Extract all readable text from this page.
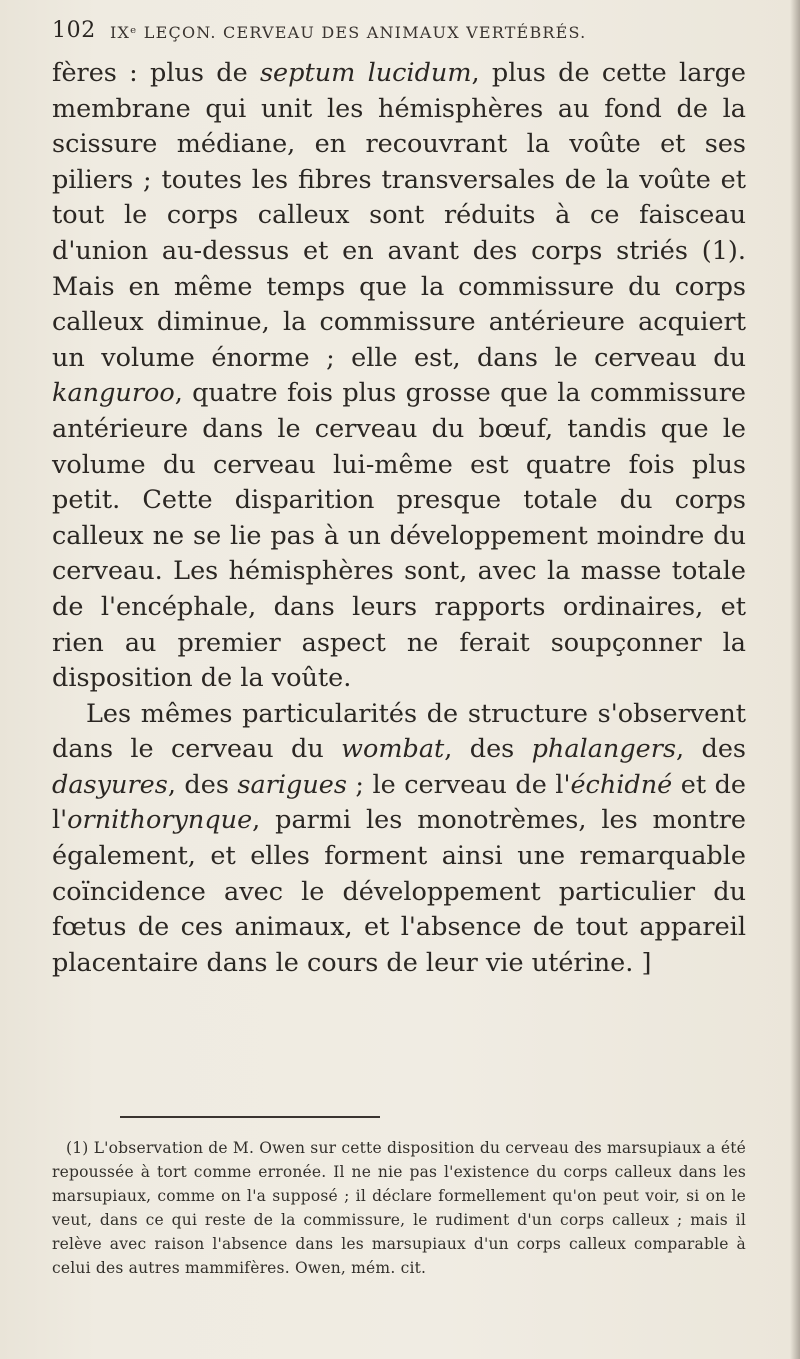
102 IXᵉ LEÇON. CERVEAU DES ANIMAUX VERTÉBRÉS.

fères : plus de septum lucidum, plus de cette large membrane qui unit les hémisphères au fond de la scissure médiane, en recouvrant la voûte et ses piliers ; toutes les fibres transversales de la voûte et tout le corps calleux sont réduits à ce faisceau d'union au-dessus et en avant des corps striés (1). Mais en même temps que la commissure du corps calleux diminue, la commissure antérieure acquiert un volume énorme ; elle est, dans le cerveau du kanguroo, quatre fois plus grosse que la commissure antérieure dans le cerveau du bœuf, tandis que le volume du cerveau lui-même est quatre fois plus petit. Cette disparition presque totale du corps calleux ne se lie pas à un développement moindre du cerveau. Les hémisphères sont, avec la masse totale de l'encéphale, dans leurs rapports ordinaires, et rien au premier aspect ne ferait soupçonner la disposition de la voûte.

Les mêmes particularités de structure s'observent dans le cerveau du wombat, des phalangers, des dasyures, des sarigues ; le cerveau de l'échidné et de l'ornithorynque, parmi les monotrèmes, les montre également, et elles forment ainsi une remarquable coïncidence avec le développement particulier du fœtus de ces animaux, et l'absence de tout appareil placentaire dans le cours de leur vie utérine. ]

(1) L'observation de M. Owen sur cette disposition du cerveau des marsupiaux a été repoussée à tort comme erronée. Il ne nie pas l'existence du corps calleux dans les marsupiaux, comme on l'a supposé ; il déclare formellement qu'on peut voir, si on le veut, dans ce qui reste de la commissure, le rudiment d'un corps calleux ; mais il relève avec raison l'absence dans les marsupiaux d'un corps calleux comparable à celui des autres mammifères. Owen, mém. cit.
